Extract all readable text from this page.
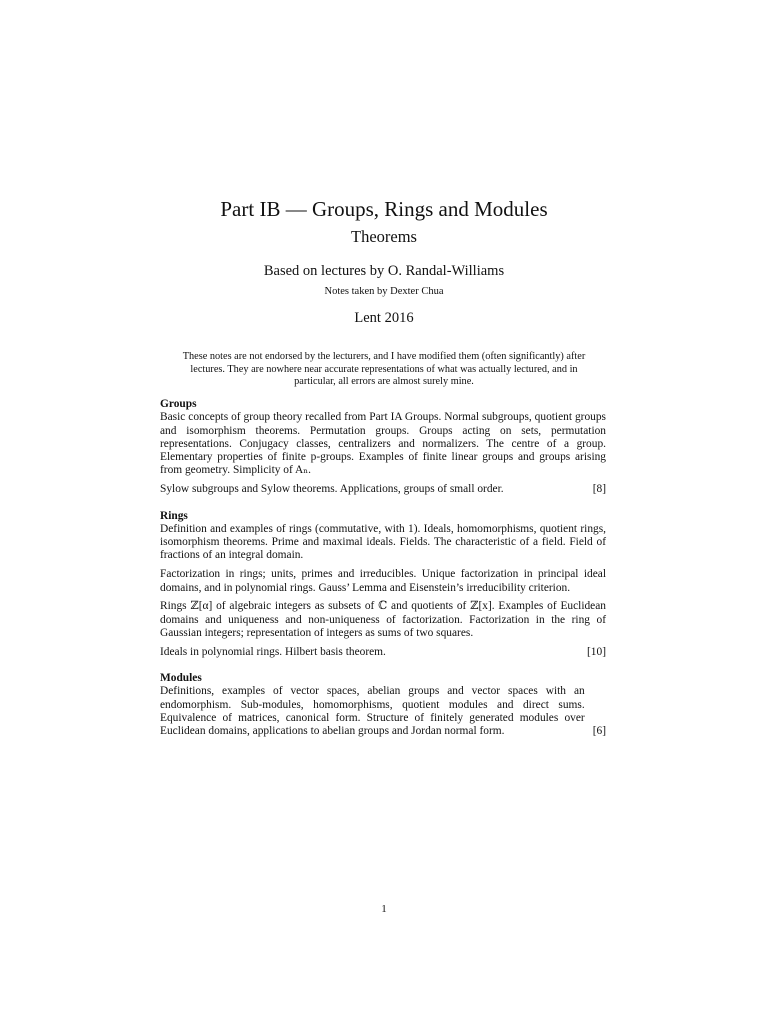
Part IB — Groups, Rings and Modules
Theorems
Based on lectures by O. Randal-Williams
Notes taken by Dexter Chua
Lent 2016
These notes are not endorsed by the lecturers, and I have modified them (often significantly) after lectures. They are nowhere near accurate representations of what was actually lectured, and in particular, all errors are almost surely mine.
Groups
Basic concepts of group theory recalled from Part IA Groups. Normal subgroups, quotient groups and isomorphism theorems. Permutation groups. Groups acting on sets, permutation representations. Conjugacy classes, centralizers and normalizers. The centre of a group. Elementary properties of finite p-groups. Examples of finite linear groups and groups arising from geometry. Simplicity of Aₙ.
Sylow subgroups and Sylow theorems. Applications, groups of small order.	[8]
Rings
Definition and examples of rings (commutative, with 1). Ideals, homomorphisms, quotient rings, isomorphism theorems. Prime and maximal ideals. Fields. The characteristic of a field. Field of fractions of an integral domain.
Factorization in rings; units, primes and irreducibles. Unique factorization in principal ideal domains, and in polynomial rings. Gauss’ Lemma and Eisenstein’s irreducibility criterion.
Rings ℤ[α] of algebraic integers as subsets of ℂ and quotients of ℤ[x]. Examples of Euclidean domains and uniqueness and non-uniqueness of factorization. Factorization in the ring of Gaussian integers; representation of integers as sums of two squares.
Ideals in polynomial rings. Hilbert basis theorem.	[10]
Modules
Definitions, examples of vector spaces, abelian groups and vector spaces with an endomorphism. Sub-modules, homomorphisms, quotient modules and direct sums. Equivalence of matrices, canonical form. Structure of finitely generated modules over Euclidean domains, applications to abelian groups and Jordan normal form.	[6]
1
